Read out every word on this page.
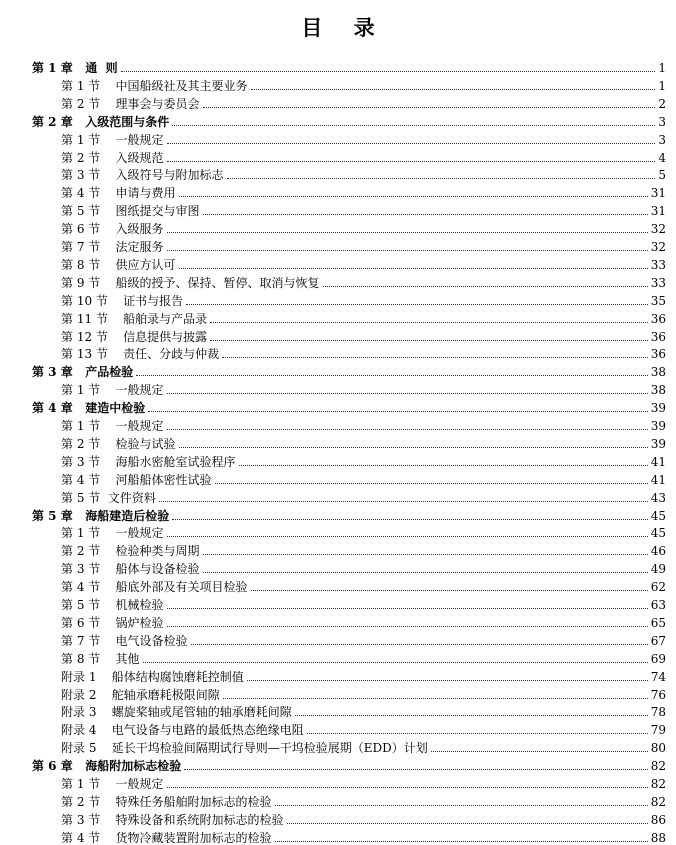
目 录
第 1 章   通  则	1
第 1 节    中国船级社及其主要业务	1
第 2 节    理事会与委员会	2
第 2 章   入级范围与条件	3
第 1 节    一般规定	3
第 2 节    入级规范	4
第 3 节    入级符号与附加标志	5
第 4 节    申请与费用	31
第 5 节    图纸提交与审图	31
第 6 节    入级服务	32
第 7 节    法定服务	32
第 8 节    供应方认可	33
第 9 节    船级的授予、保持、暂停、取消与恢复	33
第 10 节    证书与报告	35
第 11 节    船舶录与产品录	36
第 12 节    信息提供与披露	36
第 13 节    责任、分歧与仲裁	36
第 3 章   产品检验	38
第 1 节    一般规定	38
第 4 章   建造中检验	39
第 1 节    一般规定	39
第 2 节    检验与试验	39
第 3 节    海船水密舱室试验程序	41
第 4 节    河船船体密性试验	41
第 5 节  文件资料	43
第 5 章   海船建造后检验	45
第 1 节    一般规定	45
第 2 节    检验种类与周期	46
第 3 节    船体与设备检验	49
第 4 节    船底外部及有关项目检验	62
第 5 节    机械检验	63
第 6 节    锅炉检验	65
第 7 节    电气设备检验	67
第 8 节    其他	69
附录 1    船体结构腐蚀磨耗控制值	74
附录 2    舵轴承磨耗极限间隙	76
附录 3    螺旋桨轴或尾管轴的轴承磨耗间隙	78
附录 4    电气设备与电路的最低热态绝缘电阻	79
附录 5    延长干坞检验间隔期试行导则—干坞检验展期（EDD）计划	80
第 6 章   海船附加标志检验	82
第 1 节    一般规定	82
第 2 节    特殊任务船舶附加标志的检验	82
第 3 节    特殊设备和系统附加标志的检验	86
第 4 节    货物冷藏装置附加标志的检验	88
